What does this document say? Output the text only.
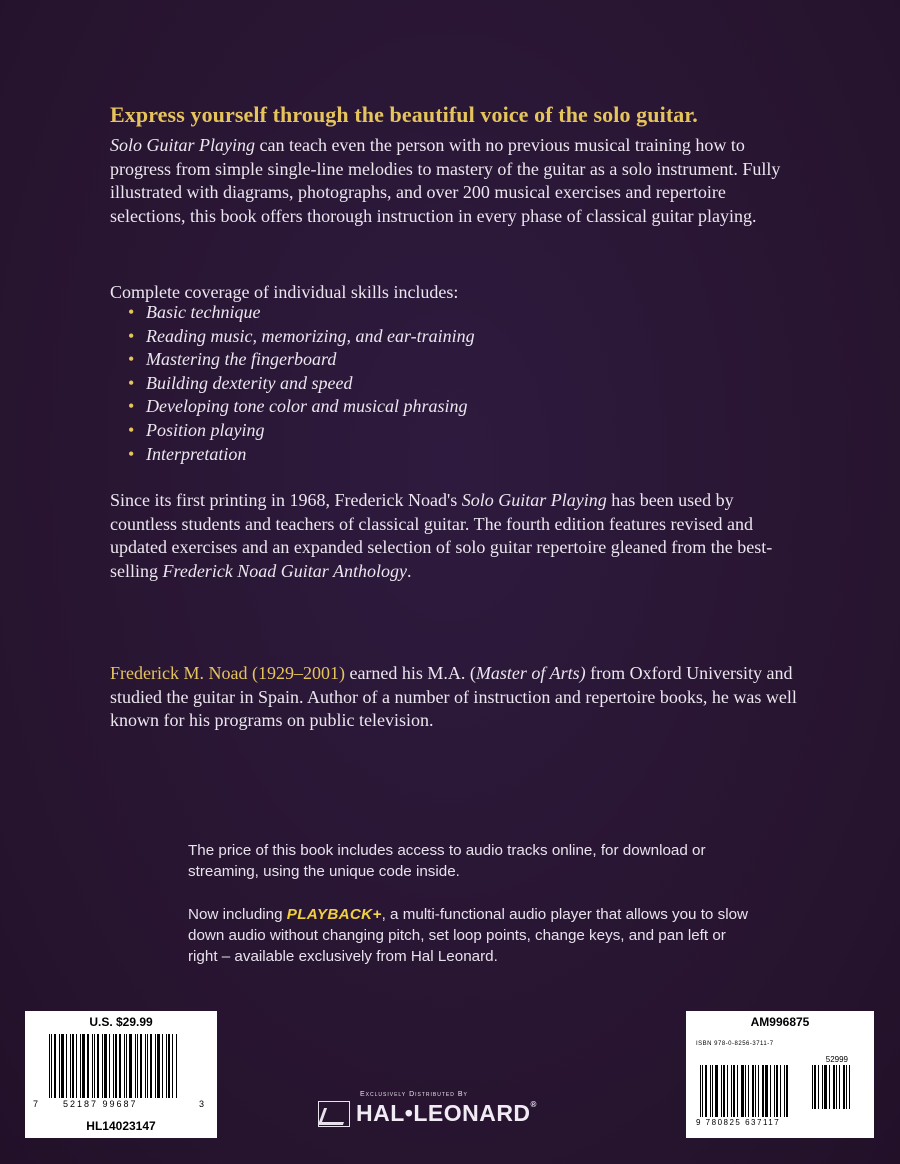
Express yourself through the beautiful voice of the solo guitar.
Solo Guitar Playing can teach even the person with no previous musical training how to progress from simple single-line melodies to mastery of the guitar as a solo instrument. Fully illustrated with diagrams, photographs, and over 200 musical exercises and repertoire selections, this book offers thorough instruction in every phase of classical guitar playing.
Complete coverage of individual skills includes:
• Basic technique
• Reading music, memorizing, and ear-training
• Mastering the fingerboard
• Building dexterity and speed
• Developing tone color and musical phrasing
• Position playing
• Interpretation
Since its first printing in 1968, Frederick Noad's Solo Guitar Playing has been used by countless students and teachers of classical guitar. The fourth edition features revised and updated exercises and an expanded selection of solo guitar repertoire gleaned from the best-selling Frederick Noad Guitar Anthology.
Frederick M. Noad (1929–2001) earned his M.A. (Master of Arts) from Oxford University and studied the guitar in Spain. Author of a number of instruction and repertoire books, he was well known for his programs on public television.
The price of this book includes access to audio tracks online, for download or streaming, using the unique code inside.
Now including PLAYBACK+, a multi-functional audio player that allows you to slow down audio without changing pitch, set loop points, change keys, and pan left or right – available exclusively from Hal Leonard.
U.S. $29.99
7	52187 99687	3
HL14023147
AM996875
ISBN 978-0-8256-3711-7
52999
9 780825 637117
Exclusively Distributed By
HAL•LEONARD®
